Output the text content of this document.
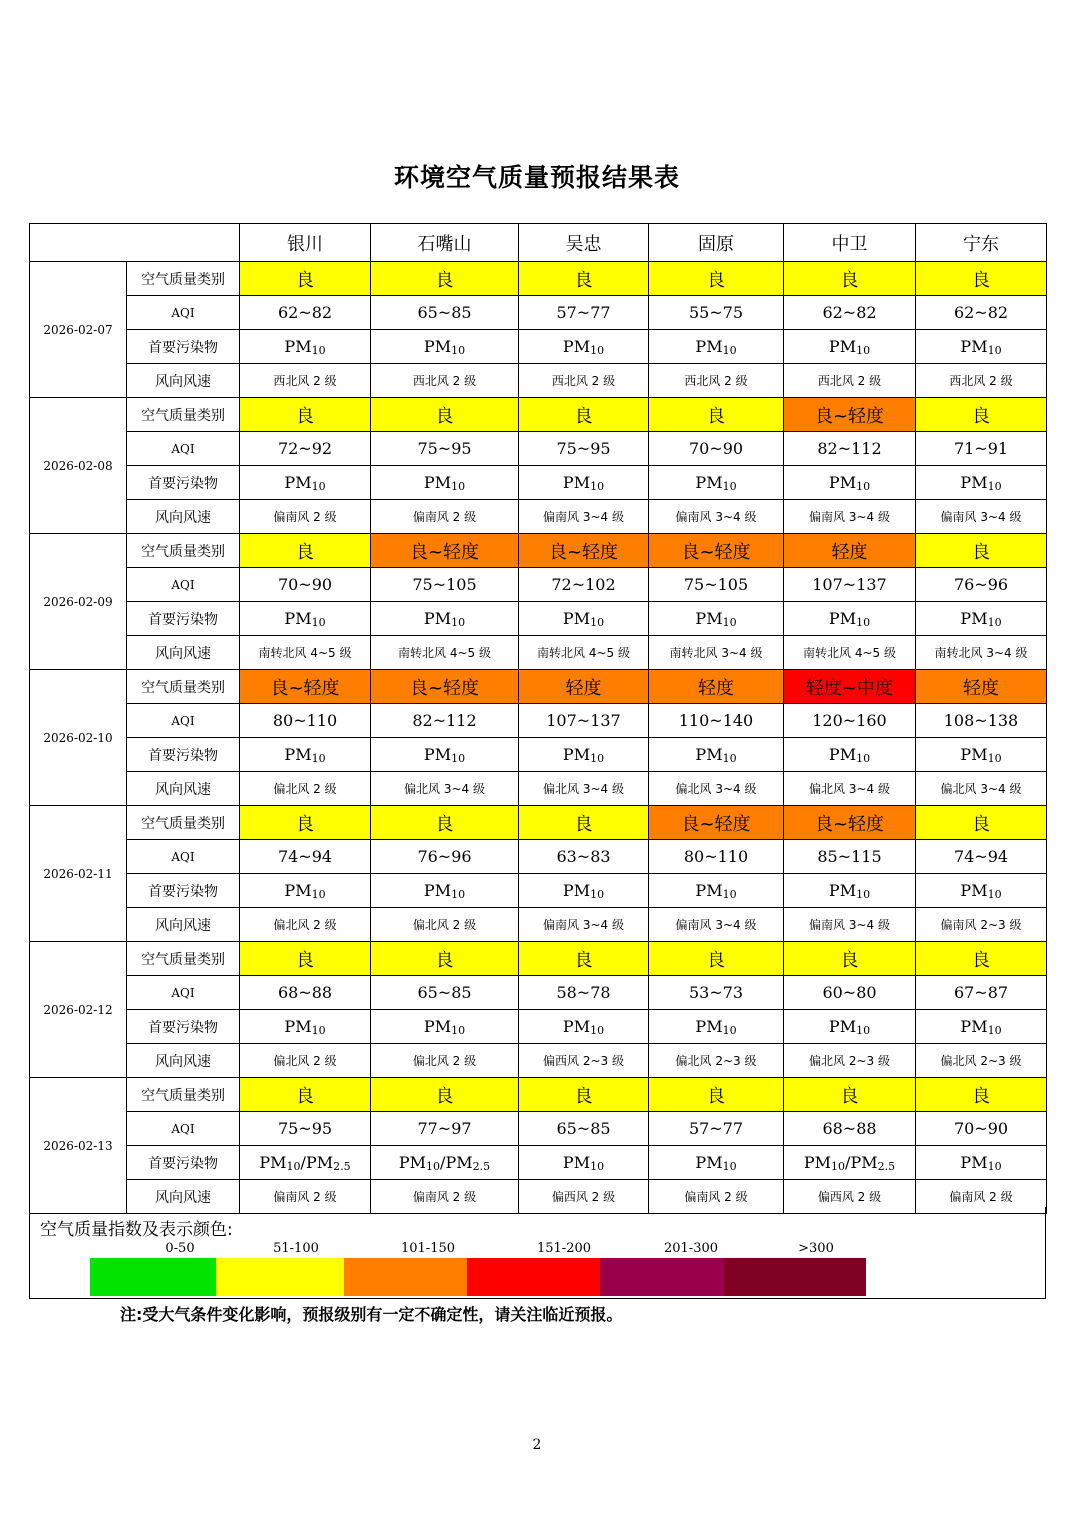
环境空气质量预报结果表
		银川	石嘴山	吴忠	固原	中卫	宁东
2026-02-07	空气质量类别	良	良	良	良	良	良
	AQI	62~82	65~85	57~77	55~75	62~82	62~82
	首要污染物	$PM_{10}$	$PM_{10}$	$PM_{10}$	$PM_{10}$	$PM_{10}$	$PM_{10}$
	风向风速	西北风 2 级	西北风 2 级	西北风 2 级	西北风 2 级	西北风 2 级	西北风 2 级
2026-02-08	空气质量类别	良	良	良	良	良~轻度	良
	AQI	72~92	75~95	75~95	70~90	82~112	71~91
	首要污染物	$PM_{10}$	$PM_{10}$	$PM_{10}$	$PM_{10}$	$PM_{10}$	$PM_{10}$
	风向风速	偏南风 2 级	偏南风 2 级	偏南风 3~4 级	偏南风 3~4 级	偏南风 3~4 级	偏南风 3~4 级
2026-02-09	空气质量类别	良	良~轻度	良~轻度	良~轻度	轻度	良
	AQI	70~90	75~105	72~102	75~105	107~137	76~96
	首要污染物	$PM_{10}$	$PM_{10}$	$PM_{10}$	$PM_{10}$	$PM_{10}$	$PM_{10}$
	风向风速	南转北风 4~5 级	南转北风 4~5 级	南转北风 4~5 级	南转北风 3~4 级	南转北风 4~5 级	南转北风 3~4 级
2026-02-10	空气质量类别	良~轻度	良~轻度	轻度	轻度	轻度~中度	轻度
	AQI	80~110	82~112	107~137	110~140	120~160	108~138
	首要污染物	$PM_{10}$	$PM_{10}$	$PM_{10}$	$PM_{10}$	$PM_{10}$	$PM_{10}$
	风向风速	偏北风 2 级	偏北风 3~4 级	偏北风 3~4 级	偏北风 3~4 级	偏北风 3~4 级	偏北风 3~4 级
2026-02-11	空气质量类别	良	良	良	良~轻度	良~轻度	良
	AQI	74~94	76~96	63~83	80~110	85~115	74~94
	首要污染物	$PM_{10}$	$PM_{10}$	$PM_{10}$	$PM_{10}$	$PM_{10}$	$PM_{10}$
	风向风速	偏北风 2 级	偏北风 2 级	偏南风 3~4 级	偏南风 3~4 级	偏南风 3~4 级	偏南风 2~3 级
2026-02-12	空气质量类别	良	良	良	良	良	良
	AQI	68~88	65~85	58~78	53~73	60~80	67~87
	首要污染物	$PM_{10}$	$PM_{10}$	$PM_{10}$	$PM_{10}$	$PM_{10}$	$PM_{10}$
	风向风速	偏北风 2 级	偏北风 2 级	偏西风 2~3 级	偏北风 2~3 级	偏北风 2~3 级	偏北风 2~3 级
2026-02-13	空气质量类别	良	良	良	良	良	良
	AQI	75~95	77~97	65~85	57~77	68~88	70~90
	首要污染物	$PM_{10}/PM_{2.5}$	$PM_{10}/PM_{2.5}$	$PM_{10}$	$PM_{10}$	$PM_{10}/PM_{2.5}$	$PM_{10}$
	风向风速	偏南风 2 级	偏南风 2 级	偏西风 2 级	偏南风 2 级	偏西风 2 级	偏南风 2 级
空气质量指数及表示颜色:
0-50	51-100	101-150	151-200	201-300	>300
注:受大气条件变化影响，预报级别有一定不确定性，请关注临近预报。
2
